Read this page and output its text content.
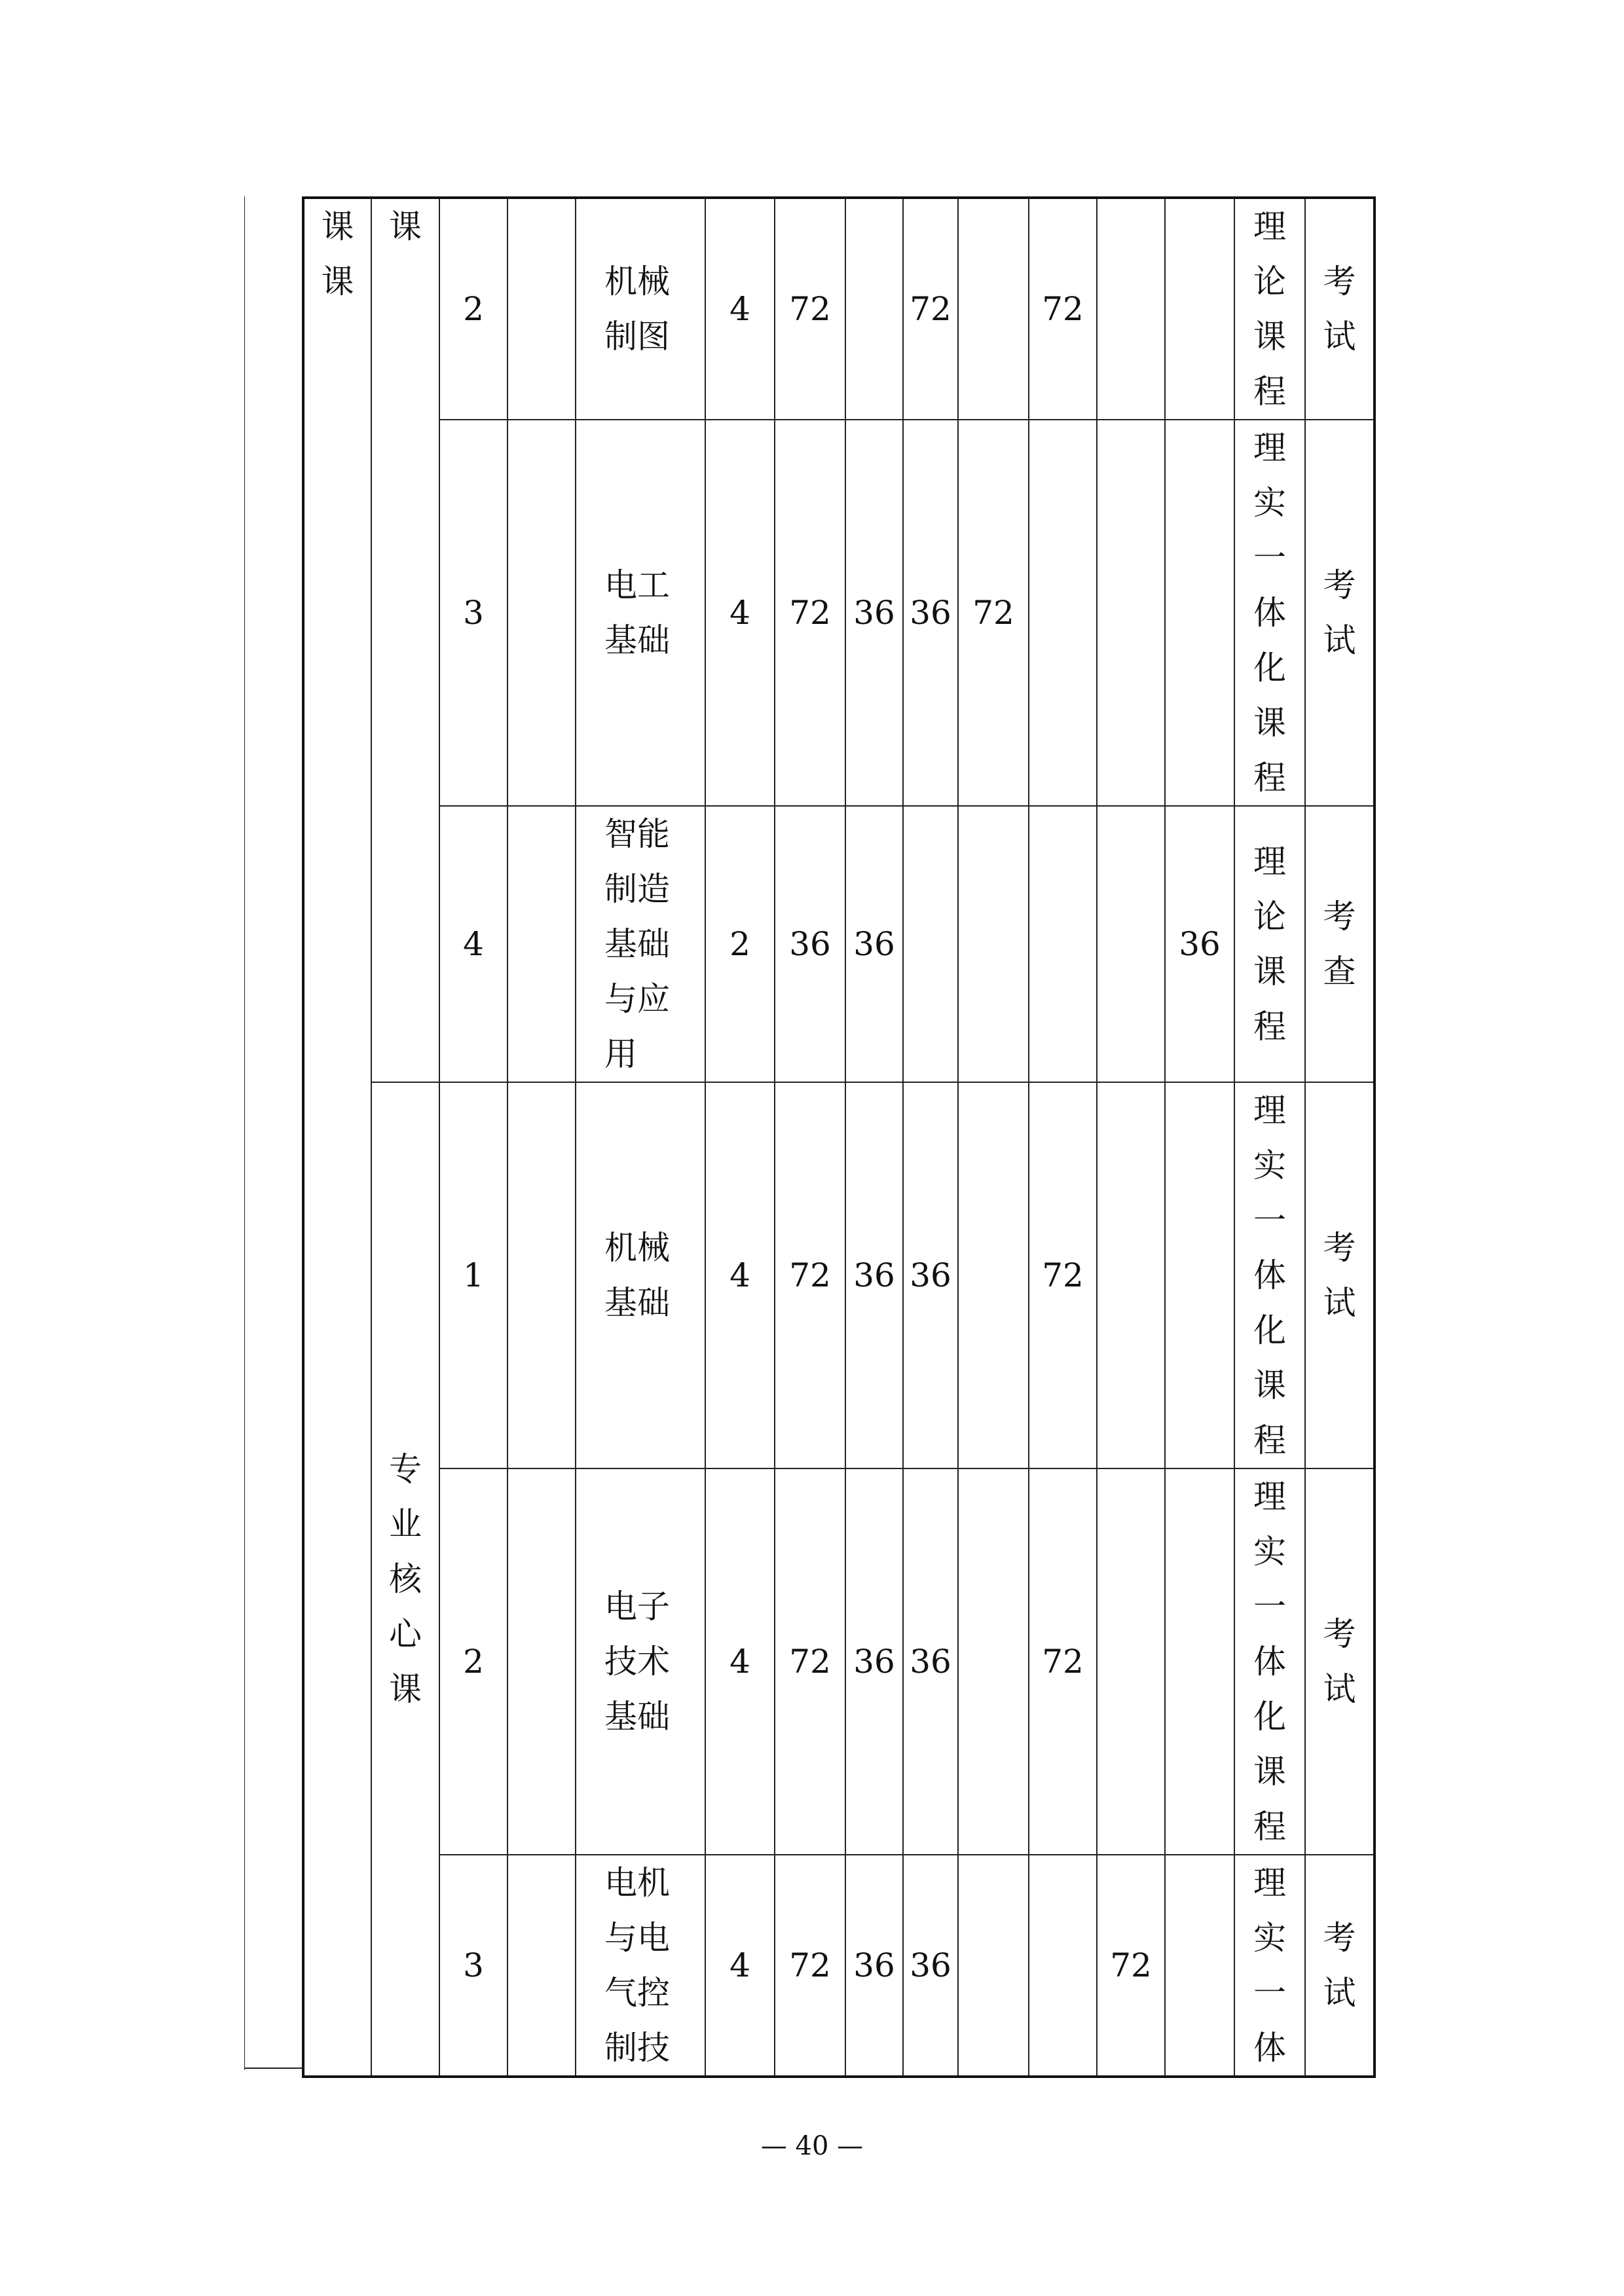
课课	课	2		机械制图	4	72		72		72			理论课程	考试
		3		电工基础	4	72	36	36	72				理实一体化课程	考试
		4		智能制造基础与应用	2	36	36					36	理论课程	考查
	专业核心课	1		机械基础	4	72	36	36		72			理实一体化课程	考试
		2		电子技术基础	4	72	36	36		72			理实一体化课程	考试
		3		电机与电气控制技	4	72	36	36			72		理实一体	考试
— 40 —
